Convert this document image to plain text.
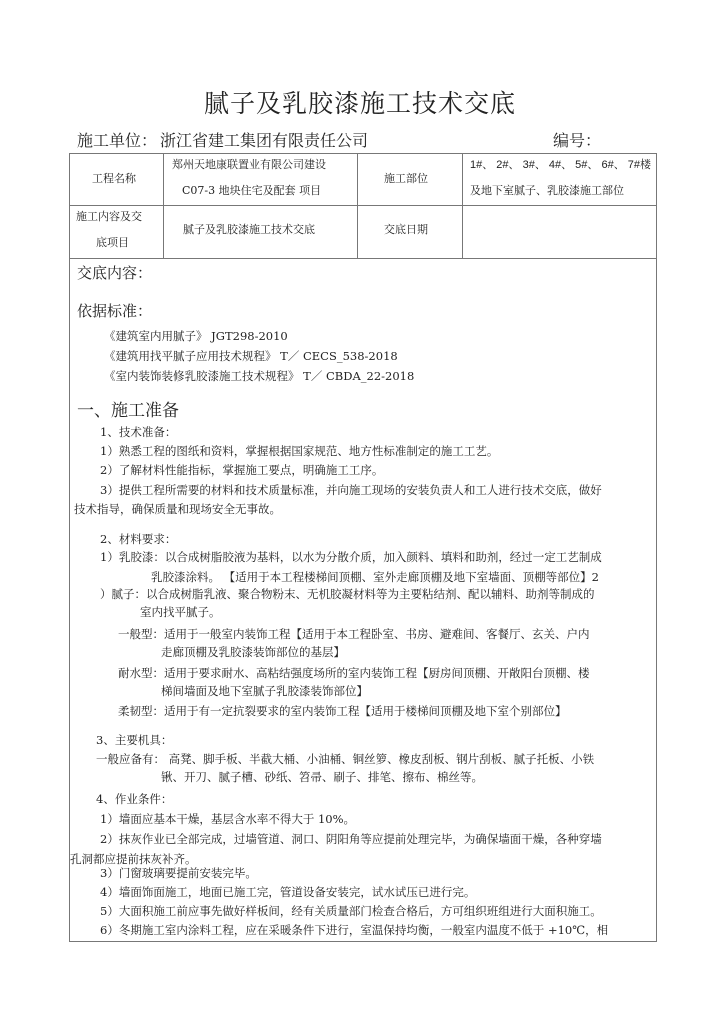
腻子及乳胶漆施工技术交底
施工单位： 浙江省建工集团有限责任公司	编号：
工程名称
郑州天地康联置业有限公司建设
C07-3 地块住宅及配套 项目
施工部位
1#、 2#、 3#、 4#、 5#、 6#、 7#楼
及地下室腻子、乳胶漆施工部位
施工内容及交
底项目
腻子及乳胶漆施工技术交底	交底日期
交底内容：
依据标准：
《建筑室内用腻子》 JGT298-2010
《建筑用找平腻子应用技术规程》 T／ CECS_538-2018
《室内装饰装修乳胶漆施工技术规程》 T／ CBDA_22-2018
一、施工准备
1、技术准备：
1）熟悉工程的图纸和资料，掌握根据国家规范、地方性标准制定的施工工艺。
2）了解材料性能指标，掌握施工要点，明确施工工序。
3）提供工程所需要的材料和技术质量标准，并向施工现场的安装负责人和工人进行技术交底，做好
技术指导，确保质量和现场安全无事故。
2、材料要求：
1）乳胶漆：以合成树脂胶液为基料，以水为分散介质，加入颜料、填料和助剂，经过一定工艺制成
乳胶漆涂料。 【适用于本工程楼梯间顶棚、室外走廊顶棚及地下室墙面、顶棚等部位】2
）腻子：以合成树脂乳液、聚合物粉末、无机胶凝材料等为主要粘结剂、配以辅料、助剂等制成的
室内找平腻子。
一般型：适用于一般室内装饰工程【适用于本工程卧室、书房、避难间、客餐厅、玄关、户内
走廊顶棚及乳胶漆装饰部位的基层】
耐水型：适用于要求耐水、高粘结强度场所的室内装饰工程【厨房间顶棚、开敞阳台顶棚、楼
梯间墙面及地下室腻子乳胶漆装饰部位】
柔韧型：适用于有一定抗裂要求的室内装饰工程【适用于楼梯间顶棚及地下室个别部位】
3、主要机具：
一般应备有： 高凳、脚手板、半截大桶、小油桶、铜丝箩、橡皮刮板、钢片刮板、腻子托板、小铁
锹、开刀、腻子槽、砂纸、笤帚、刷子、排笔、擦布、棉丝等。
4、作业条件：
1）墙面应基本干燥，基层含水率不得大于 10%。
2）抹灰作业已全部完成，过墙管道、洞口、阴阳角等应提前处理完毕，为确保墙面干燥，各种穿墙
孔洞都应提前抹灰补齐。
3）门窗玻璃要提前安装完毕。
4）墙面饰面施工，地面已施工完，管道设备安装完，试水试压已进行完。
5）大面积施工前应事先做好样板间，经有关质量部门检查合格后，方可组织班组进行大面积施工。
6）冬期施工室内涂料工程，应在采暖条件下进行，室温保持均衡，一般室内温度不低于 +10℃，相
